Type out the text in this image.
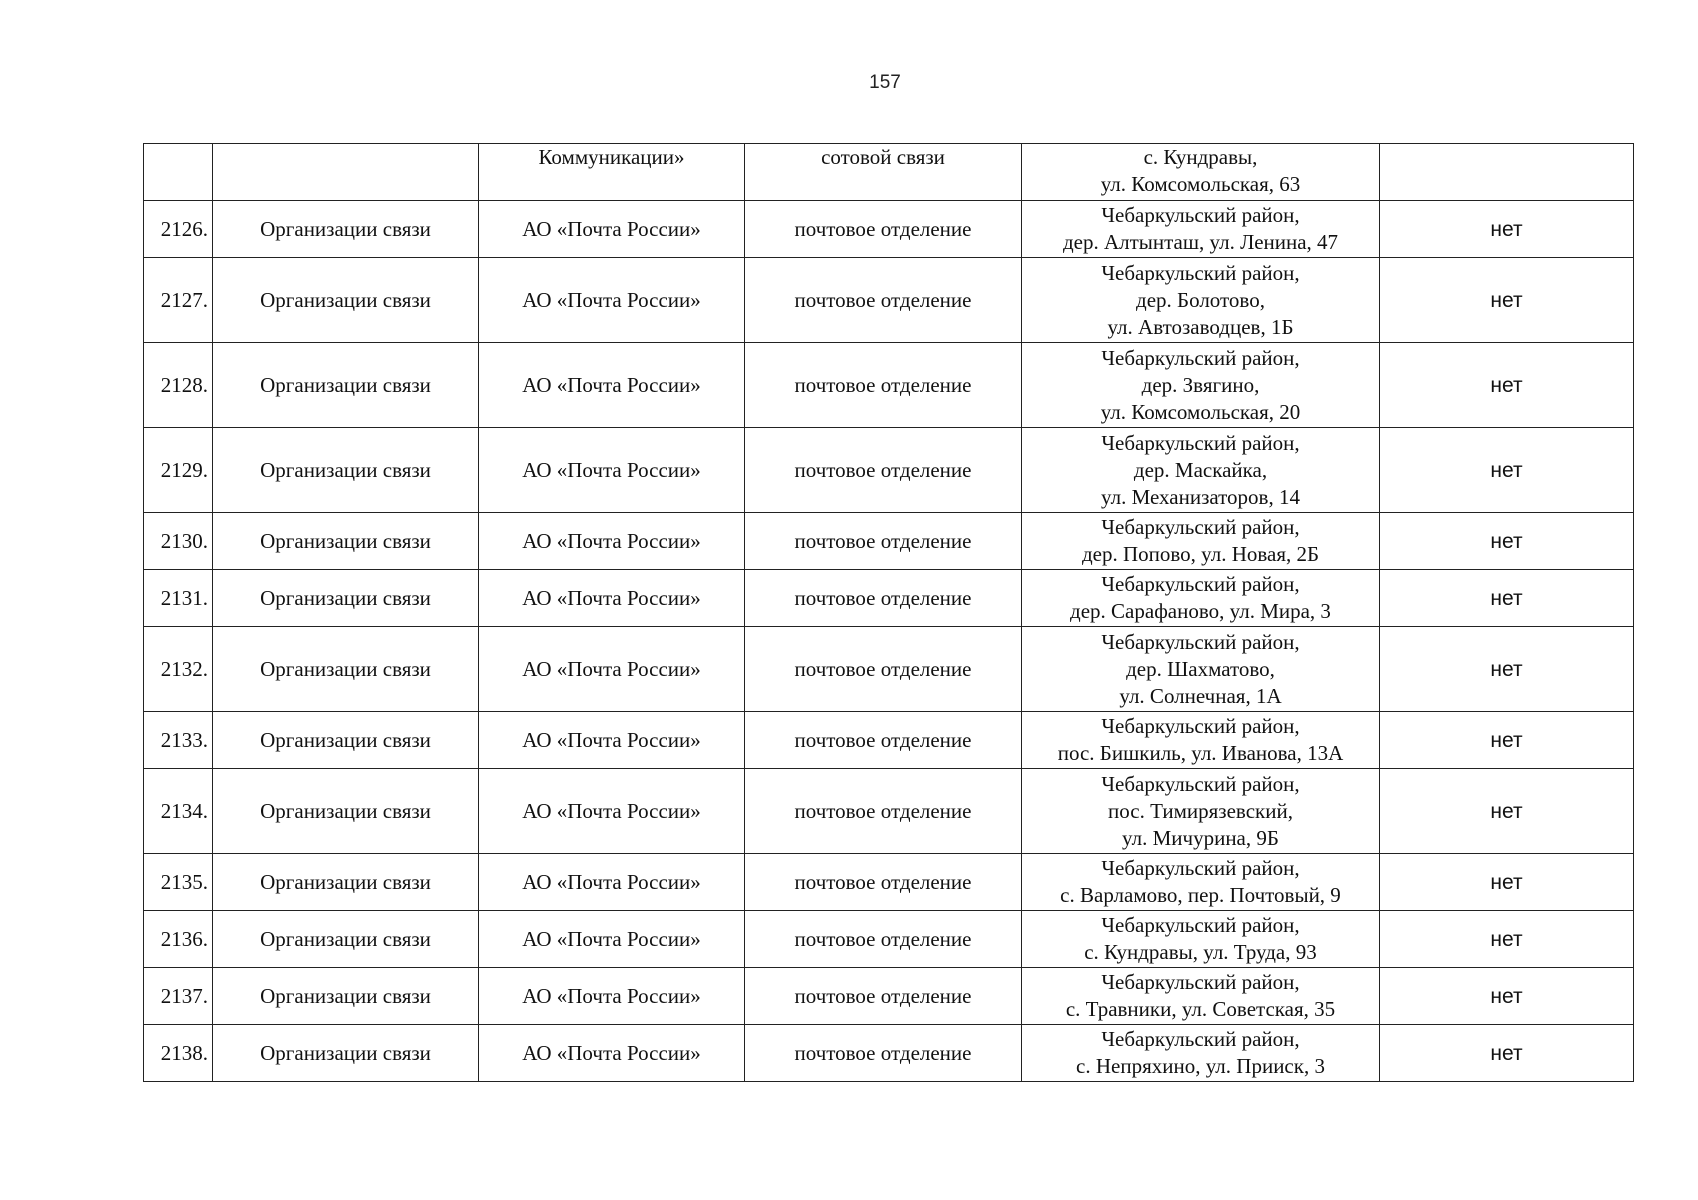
157
		Коммуникации»	сотовой связи	с. Кундравы,
ул. Комсомольская, 63	

2126.	Организации связи	АО «Почта России»	почтовое отделение	Чебаркульский район,
дер. Алтынташ, ул. Ленина, 47	нет
2127.	Организации связи	АО «Почта России»	почтовое отделение	Чебаркульский район,
дер. Болотово,
ул. Автозаводцев, 1Б	нет
2128.	Организации связи	АО «Почта России»	почтовое отделение	Чебаркульский район,
дер. Звягино,
ул. Комсомольская, 20	нет
2129.	Организации связи	АО «Почта России»	почтовое отделение	Чебаркульский район,
дер. Маскайка,
ул. Механизаторов, 14	нет
2130.	Организации связи	АО «Почта России»	почтовое отделение	Чебаркульский район,
дер. Попово, ул. Новая, 2Б	нет
2131.	Организации связи	АО «Почта России»	почтовое отделение	Чебаркульский район,
дер. Сарафаново, ул. Мира, 3	нет
2132.	Организации связи	АО «Почта России»	почтовое отделение	Чебаркульский район,
дер. Шахматово,
ул. Солнечная, 1А	нет
2133.	Организации связи	АО «Почта России»	почтовое отделение	Чебаркульский район,
пос. Бишкиль, ул. Иванова, 13А	нет
2134.	Организации связи	АО «Почта России»	почтовое отделение	Чебаркульский район,
пос. Тимирязевский,
ул. Мичурина, 9Б	нет
2135.	Организации связи	АО «Почта России»	почтовое отделение	Чебаркульский район,
с. Варламово, пер. Почтовый, 9	нет
2136.	Организации связи	АО «Почта России»	почтовое отделение	Чебаркульский район,
с. Кундравы, ул. Труда, 93	нет
2137.	Организации связи	АО «Почта России»	почтовое отделение	Чебаркульский район,
с. Травники, ул. Советская, 35	нет
2138.	Организации связи	АО «Почта России»	почтовое отделение	Чебаркульский район,
с. Непряхино, ул. Прииск, 3	нет
